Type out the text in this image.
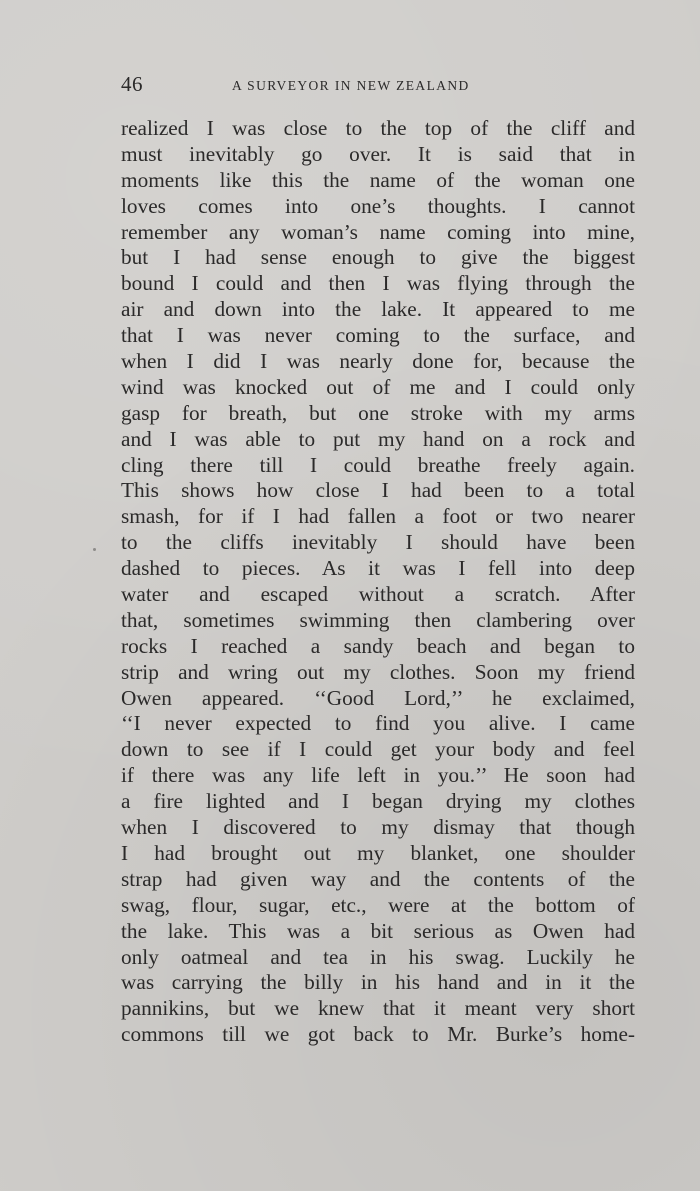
46	A SURVEYOR IN NEW ZEALAND
realized I was close to the top of the cliff and
must inevitably go over. It is said that in
moments like this the name of the woman one
loves comes into one’s thoughts. I cannot
remember any woman’s name coming into mine,
but I had sense enough to give the biggest
bound I could and then I was flying through the
air and down into the lake. It appeared to me
that I was never coming to the surface, and
when I did I was nearly done for, because the
wind was knocked out of me and I could only
gasp for breath, but one stroke with my arms
and I was able to put my hand on a rock and
cling there till I could breathe freely again.
This shows how close I had been to a total
smash, for if I had fallen a foot or two nearer
to the cliffs inevitably I should have been
dashed to pieces. As it was I fell into deep
water and escaped without a scratch. After
that, sometimes swimming then clambering over
rocks I reached a sandy beach and began to
strip and wring out my clothes. Soon my friend
Owen appeared. ‘‘Good Lord,’’ he exclaimed,
‘‘I never expected to find you alive. I came
down to see if I could get your body and feel
if there was any life left in you.’’ He soon had
a fire lighted and I began drying my clothes
when I discovered to my dismay that though
I had brought out my blanket, one shoulder
strap had given way and the contents of the
swag, flour, sugar, etc., were at the bottom of
the lake. This was a bit serious as Owen had
only oatmeal and tea in his swag. Luckily he
was carrying the billy in his hand and in it the
pannikins, but we knew that it meant very short
commons till we got back to Mr. Burke’s home-
